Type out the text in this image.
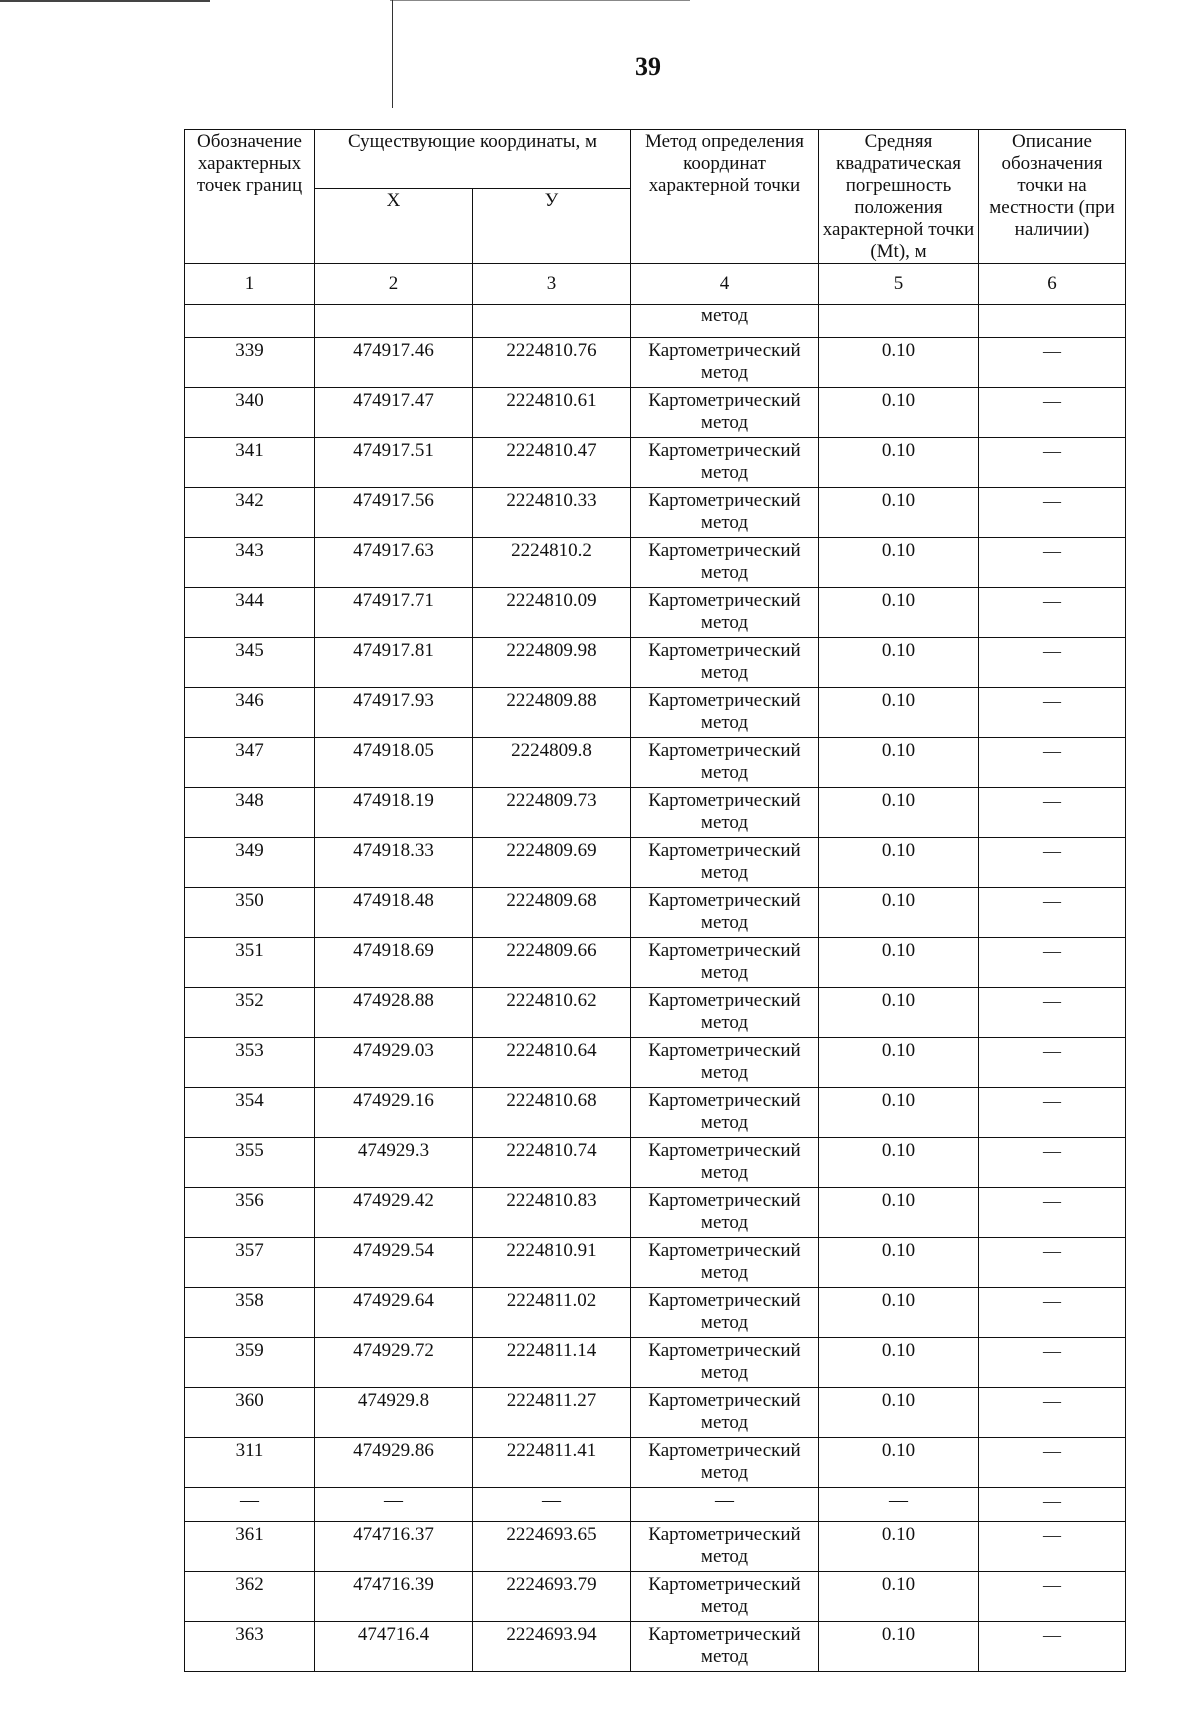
39
Обозначение характерных точек границ	Существующие координаты, м		Метод определения координат характерной точки	Средняя квадратическая погрешность положения характерной точки (Mt), м	Описание обозначения точки на местности (при наличии)
	X	У			
1	2	3	4	5	6
			метод		
339	474917.46	2224810.76	Картометрический метод	0.10	—
340	474917.47	2224810.61	Картометрический метод	0.10	—
341	474917.51	2224810.47	Картометрический метод	0.10	—
342	474917.56	2224810.33	Картометрический метод	0.10	—
343	474917.63	2224810.2	Картометрический метод	0.10	—
344	474917.71	2224810.09	Картометрический метод	0.10	—
345	474917.81	2224809.98	Картометрический метод	0.10	—
346	474917.93	2224809.88	Картометрический метод	0.10	—
347	474918.05	2224809.8	Картометрический метод	0.10	—
348	474918.19	2224809.73	Картометрический метод	0.10	—
349	474918.33	2224809.69	Картометрический метод	0.10	—
350	474918.48	2224809.68	Картометрический метод	0.10	—
351	474918.69	2224809.66	Картометрический метод	0.10	—
352	474928.88	2224810.62	Картометрический метод	0.10	—
353	474929.03	2224810.64	Картометрический метод	0.10	—
354	474929.16	2224810.68	Картометрический метод	0.10	—
355	474929.3	2224810.74	Картометрический метод	0.10	—
356	474929.42	2224810.83	Картометрический метод	0.10	—
357	474929.54	2224810.91	Картометрический метод	0.10	—
358	474929.64	2224811.02	Картометрический метод	0.10	—
359	474929.72	2224811.14	Картометрический метод	0.10	—
360	474929.8	2224811.27	Картометрический метод	0.10	—
311	474929.86	2224811.41	Картометрический метод	0.10	—
—	—	—	—	—	—
361	474716.37	2224693.65	Картометрический метод	0.10	—
362	474716.39	2224693.79	Картометрический метод	0.10	—
363	474716.4	2224693.94	Картометрический метод	0.10	—
